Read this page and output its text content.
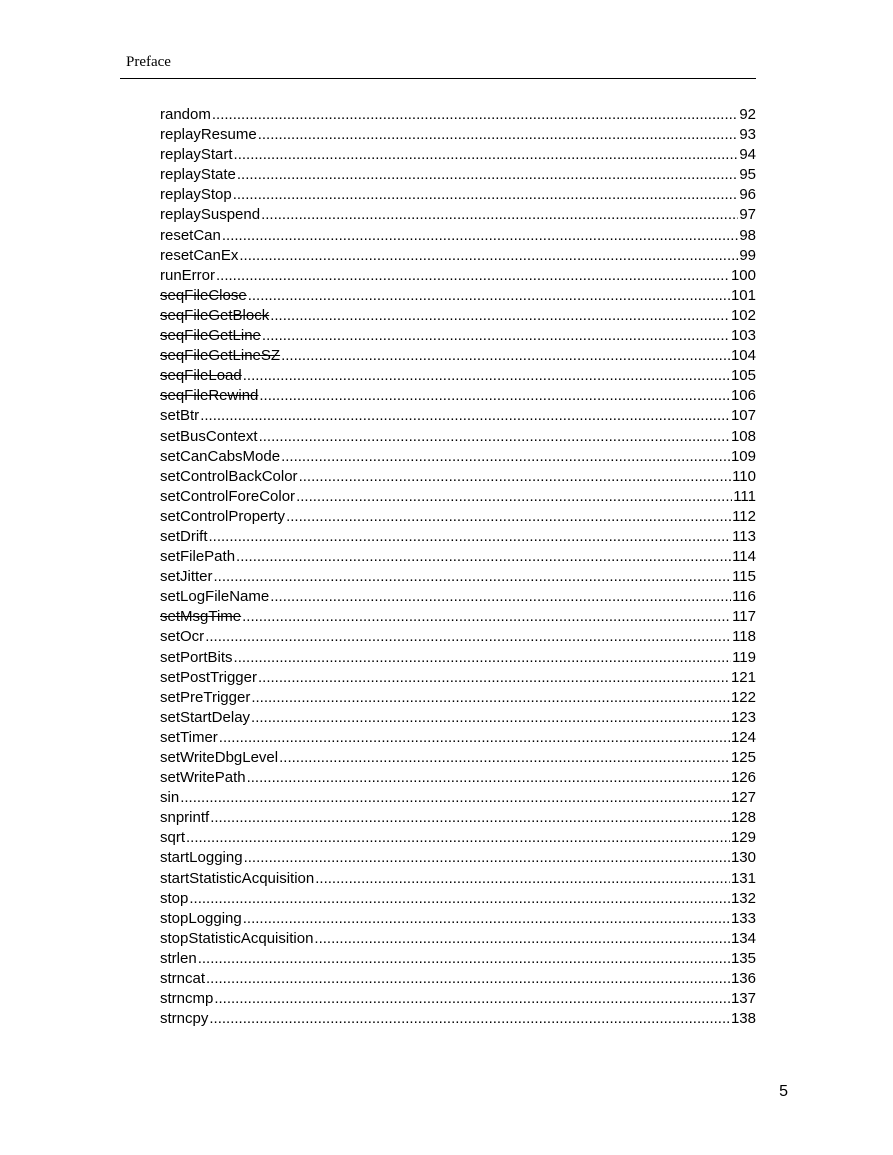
Preface
random .....	92
replayResume .....	93
replayStart .....	94
replayState .....	95
replayStop .....	96
replaySuspend .....	97
resetCan .....	98
resetCanEx .....	99
runError .....	100
seqFileClose .....	101
seqFileGetBlock .....	102
seqFileGetLine .....	103
seqFileGetLineSZ .....	104
seqFileLoad .....	105
seqFileRewind .....	106
setBtr .....	107
setBusContext .....	108
setCanCabsMode .....	109
setControlBackColor .....	110
setControlForeColor .....	111
setControlProperty .....	112
setDrift .....	113
setFilePath .....	114
setJitter .....	115
setLogFileName .....	116
setMsgTime .....	117
setOcr .....	118
setPortBits .....	119
setPostTrigger .....	121
setPreTrigger .....	122
setStartDelay .....	123
setTimer .....	124
setWriteDbgLevel .....	125
setWritePath .....	126
sin .....	127
snprintf .....	128
sqrt .....	129
startLogging .....	130
startStatisticAcquisition .....	131
stop .....	132
stopLogging .....	133
stopStatisticAcquisition .....	134
strlen .....	135
strncat .....	136
strncmp .....	137
strncpy .....	138
5
